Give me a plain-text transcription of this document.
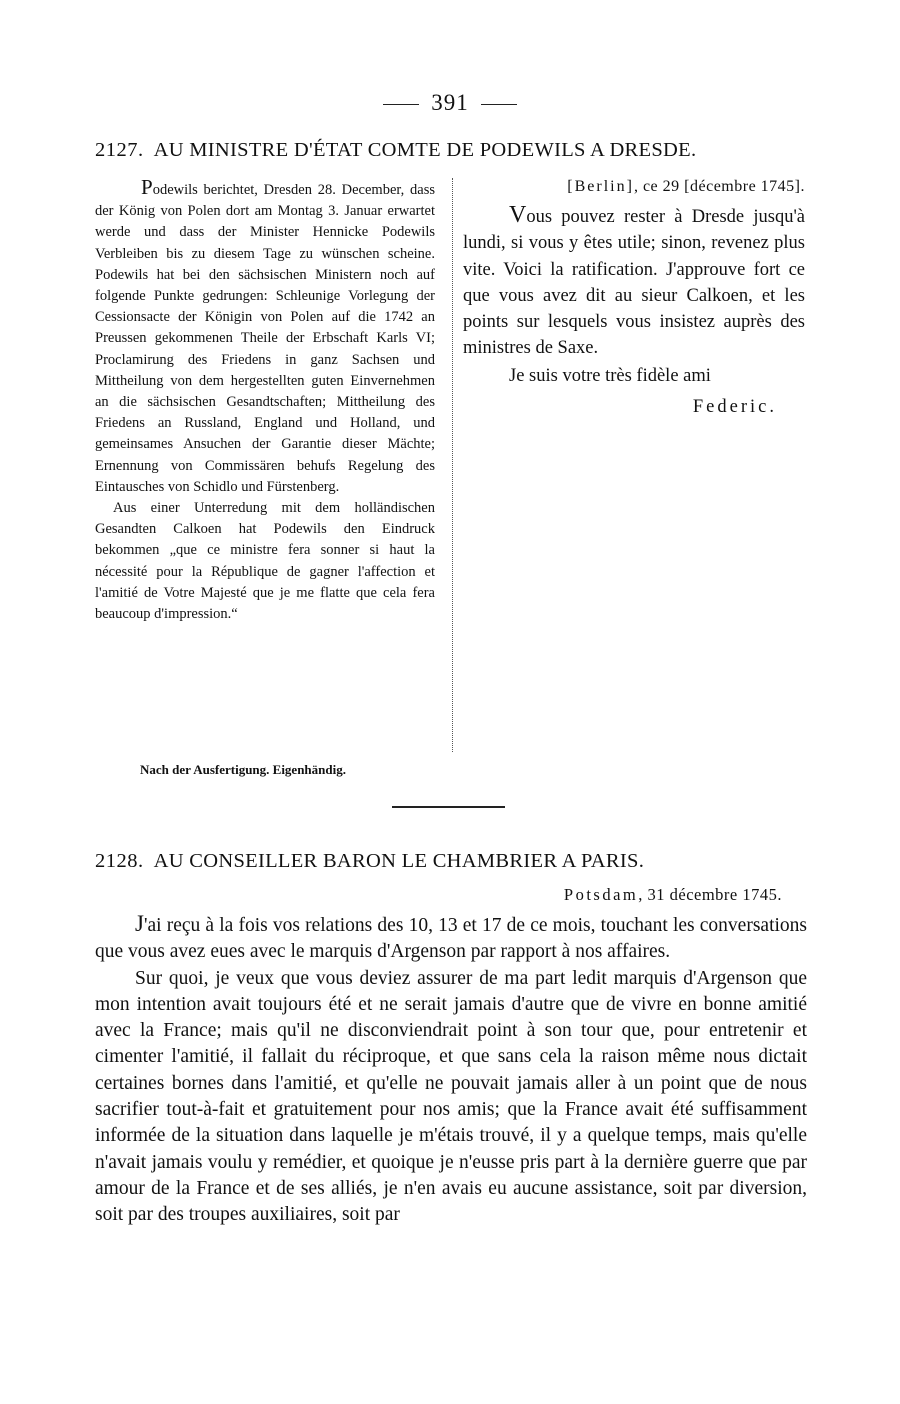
391
2127. AU MINISTRE D'ÉTAT COMTE DE PODEWILS A DRESDE.

Podewils berichtet, Dresden 28. December, dass der König von Polen dort am Montag 3. Januar erwartet werde und dass der Minister Hennicke Podewils Verbleiben bis zu diesem Tage zu wünschen scheine. Podewils hat bei den sächsischen Ministern noch auf folgende Punkte gedrungen: Schleunige Vorlegung der Cessionsacte der Königin von Polen auf die 1742 an Preussen gekommenen Theile der Erbschaft Karls VI; Proclamirung des Friedens in ganz Sachsen und Mittheilung von dem hergestellten guten Einvernehmen an die sächsischen Gesandtschaften; Mittheilung des Friedens an Russland, England und Holland, und gemeinsames Ansuchen der Garantie dieser Mächte; Ernennung von Commissären behufs Regelung des Eintausches von Schidlo und Fürstenberg.

Aus einer Unterredung mit dem holländischen Gesandten Calkoen hat Podewils den Eindruck bekommen „que ce ministre fera sonner si haut la nécessité pour la République de gagner l'affection et l'amitié de Votre Majesté que je me flatte que cela fera beaucoup d'impression.“

Nach der Ausfertigung. Eigenhändig.
[Berlin], ce 29 [décembre 1745].

Vous pouvez rester à Dresde jusqu'à lundi, si vous y êtes utile; sinon, revenez plus vite. Voici la ratification. J'approuve fort ce que vous avez dit au sieur Calkoen, et les points sur lesquels vous insistez auprès des ministres de Saxe.

Je suis votre très fidèle ami

Federic.

2128. AU CONSEILLER BARON LE CHAMBRIER A PARIS.
Potsdam, 31 décembre 1745.

J'ai reçu à la fois vos relations des 10, 13 et 17 de ce mois, touchant les conversations que vous avez eues avec le marquis d'Argenson par rapport à nos affaires.

Sur quoi, je veux que vous deviez assurer de ma part ledit marquis d'Argenson que mon intention avait toujours été et ne serait jamais d'autre que de vivre en bonne amitié avec la France; mais qu'il ne disconviendrait point à son tour que, pour entretenir et cimenter l'amitié, il fallait du réciproque, et que sans cela la raison même nous dictait certaines bornes dans l'amitié, et qu'elle ne pouvait jamais aller à un point que de nous sacrifier tout-à-fait et gratuitement pour nos amis; que la France avait été suffisamment informée de la situation dans laquelle je m'étais trouvé, il y a quelque temps, mais qu'elle n'avait jamais voulu y remédier, et quoique je n'eusse pris part à la dernière guerre que par amour de la France et de ses alliés, je n'en avais eu aucune assistance, soit par diversion, soit par des troupes auxiliaires, soit par
